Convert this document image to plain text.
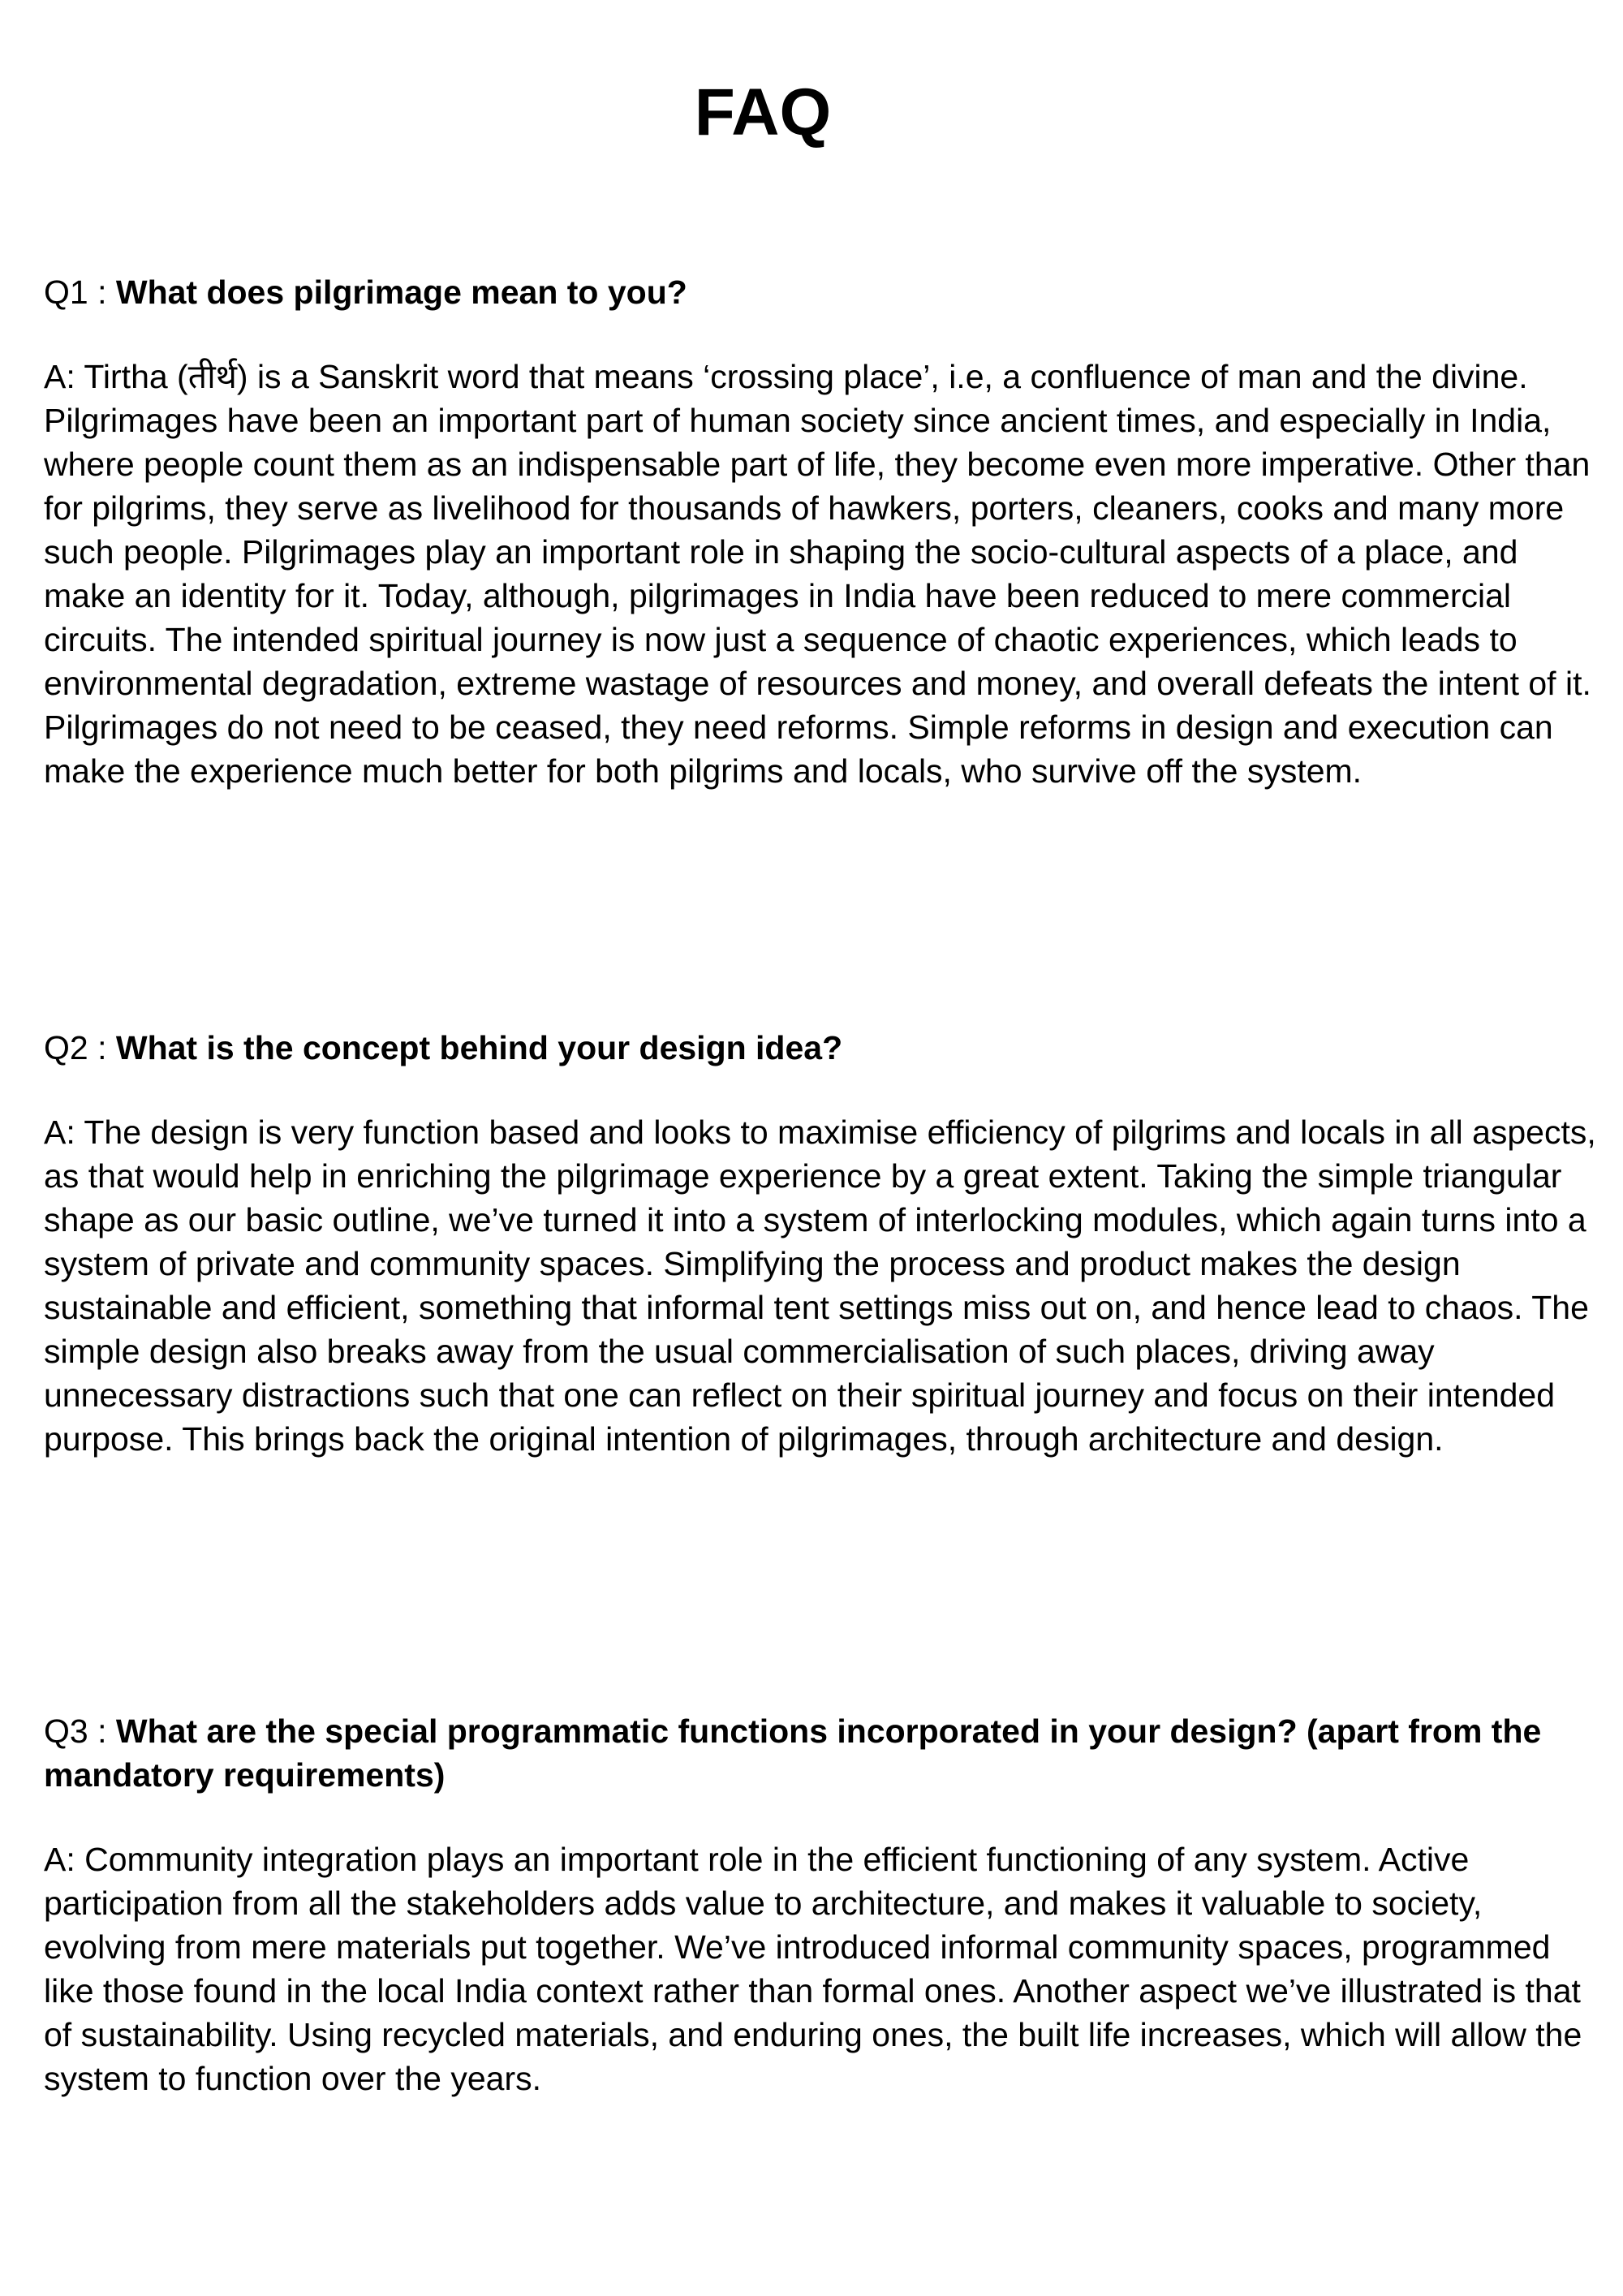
FAQ

Q1 : What does pilgrimage mean to you?

A: Tirtha (तीर्थ) is a Sanskrit word that means ‘crossing place’, i.e, a confluence of man and the divine. Pilgrimages have been an important part of human society since ancient times, and especially in India, where people count them as an indispensable part of life, they become even more imperative. Other than for pilgrims, they serve as livelihood for thousands of hawkers, porters, cleaners, cooks and many more such people. Pilgrimages play an important role in shaping the socio-cultural aspects of a place, and make an identity for it. Today, although, pilgrimages in India have been reduced to mere commercial circuits. The intended spiritual journey is now just a sequence of chaotic experiences, which leads to environmental degradation, extreme wastage of resources and money, and overall defeats the intent of it. Pilgrimages do not need to be ceased, they need reforms. Simple reforms in design and execution can make the experience much better for both pilgrims and locals, who survive off the system.

Q2 : What is the concept behind your design idea?

A: The design is very function based and looks to maximise efficiency of pilgrims and locals in all aspects, as that would help in enriching the pilgrimage experience by a great extent. Taking the simple triangular shape as our basic outline, we’ve turned it into a system of interlocking modules, which again turns into a system of private and community spaces. Simplifying the process and product makes the design sustainable and efficient, something that informal tent settings miss out on, and hence lead to chaos. The simple design also breaks away from the usual commercialisation of such places, driving away unnecessary distractions such that one can reflect on their spiritual journey and focus on their intended purpose. This brings back the original intention of pilgrimages, through architecture and design.

Q3 : What are the special programmatic functions incorporated in your design? (apart from the mandatory requirements)

A: Community integration plays an important role in the efficient functioning of any system. Active participation from all the stakeholders adds value to architecture, and makes it valuable to society, evolving from mere materials put together. We’ve introduced informal community spaces, programmed like those found in the local India context rather than formal ones. Another aspect we’ve illustrated is that of sustainability. Using recycled materials, and enduring ones, the built life increases, which will allow the system to function over the years.
